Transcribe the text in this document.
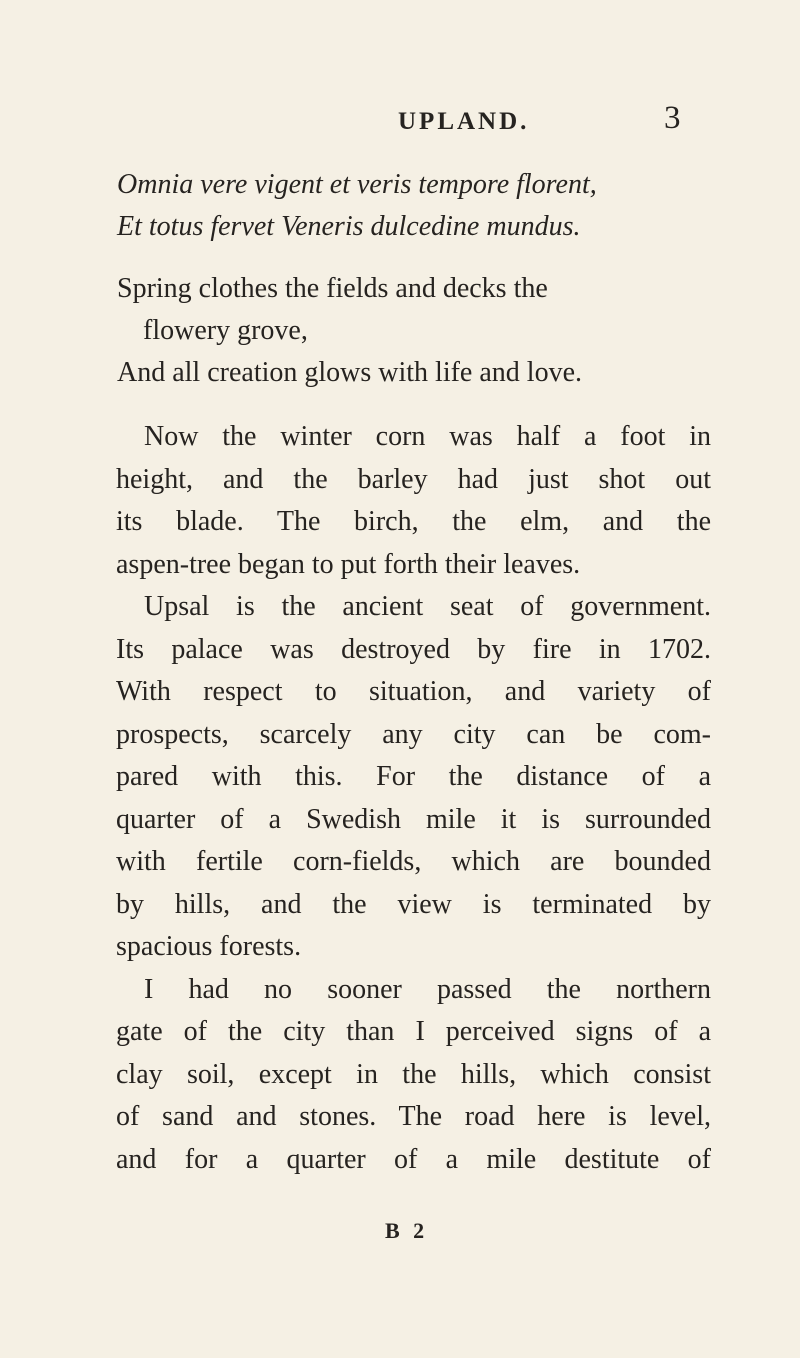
UPLAND.	3
Omnia vere vigent et veris tempore florent,
Et totus fervet Veneris dulcedine mundus.
Spring clothes the fields and decks the
flowery grove,
And all creation glows with life and love.
Now the winter corn was half a foot in
height, and the barley had just shot out
its blade. The birch, the elm, and the
aspen-tree began to put forth their leaves.
Upsal is the ancient seat of government.
Its palace was destroyed by fire in 1702.
With respect to situation, and variety of
prospects, scarcely any city can be com-
pared with this. For the distance of a
quarter of a Swedish mile it is surrounded
with fertile corn-fields, which are bounded
by hills, and the view is terminated by
spacious forests.
I had no sooner passed the northern
gate of the city than I perceived signs of a
clay soil, except in the hills, which consist
of sand and stones. The road here is level,
and for a quarter of a mile destitute of
B 2
